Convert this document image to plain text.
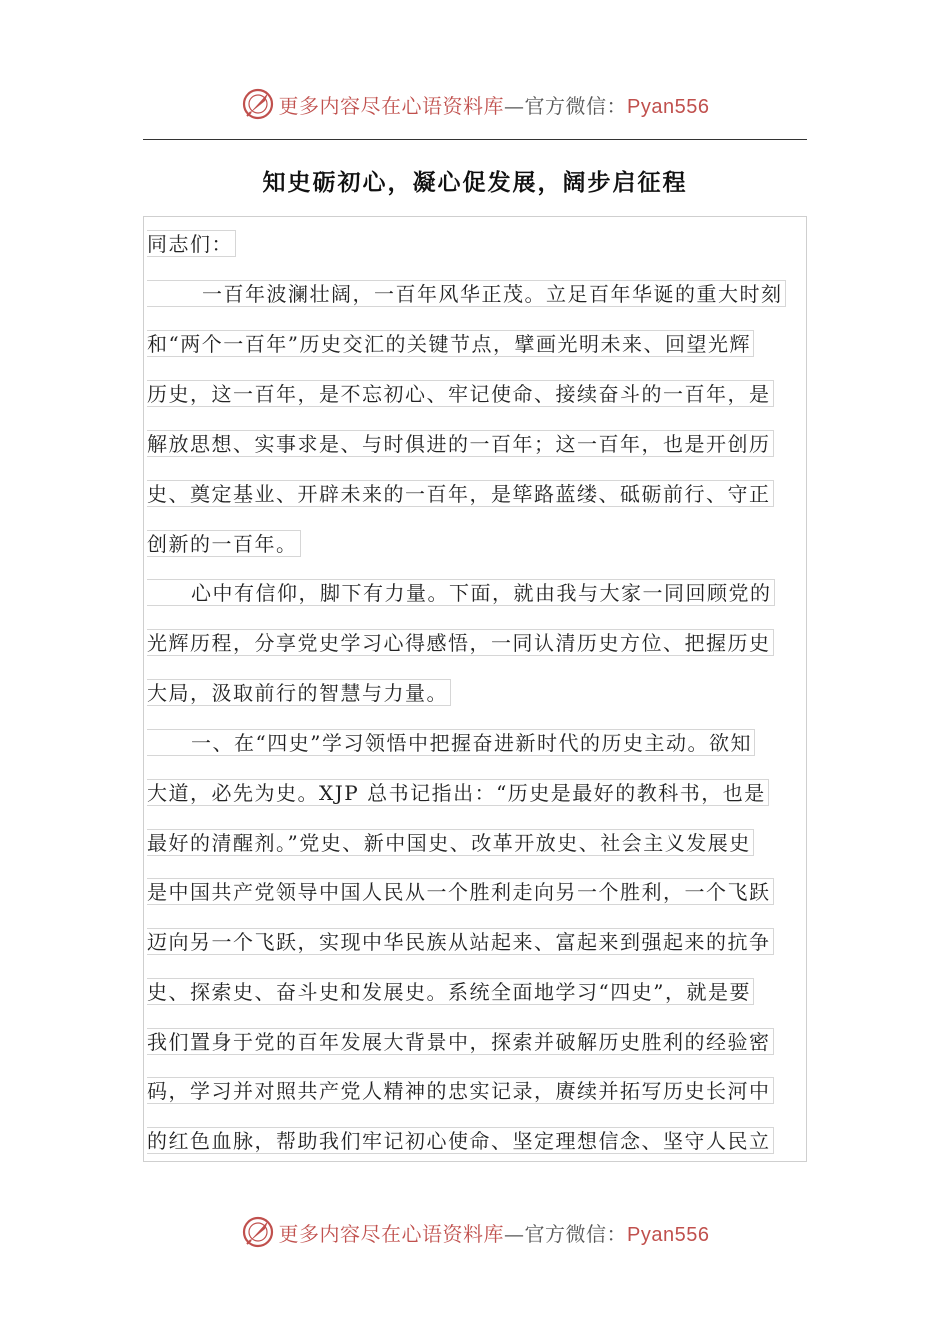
更多内容尽在心语资料库—官方微信：Pyan556
知史砺初心，凝心促发展，阔步启征程
同志们：
一百年波澜壮阔，一百年风华正茂。立足百年华诞的重大时刻
和“两个一百年”历史交汇的关键节点，擘画光明未来、回望光辉
历史，这一百年，是不忘初心、牢记使命、接续奋斗的一百年，是
解放思想、实事求是、与时俱进的一百年；这一百年，也是开创历
史、奠定基业、开辟未来的一百年，是筚路蓝缕、砥砺前行、守正
创新的一百年。
心中有信仰，脚下有力量。下面，就由我与大家一同回顾党的
光辉历程，分享党史学习心得感悟，一同认清历史方位、把握历史
大局，汲取前行的智慧与力量。
一、在“四史”学习领悟中把握奋进新时代的历史主动。欲知
大道，必先为史。XJP 总书记指出：“历史是最好的教科书，也是
最好的清醒剂。”党史、新中国史、改革开放史、社会主义发展史
是中国共产党领导中国人民从一个胜利走向另一个胜利，一个飞跃
迈向另一个飞跃，实现中华民族从站起来、富起来到强起来的抗争
史、探索史、奋斗史和发展史。系统全面地学习“四史”，就是要
我们置身于党的百年发展大背景中，探索并破解历史胜利的经验密
码，学习并对照共产党人精神的忠实记录，赓续并拓写历史长河中
的红色血脉，帮助我们牢记初心使命、坚定理想信念、坚守人民立
更多内容尽在心语资料库—官方微信：Pyan556
